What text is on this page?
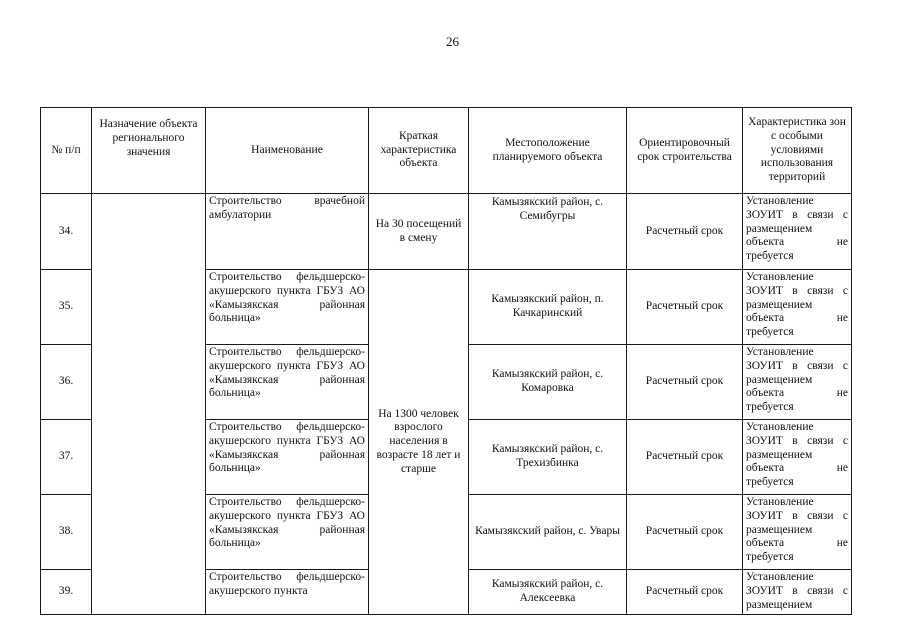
26
№ п/п	Назначение объекта регионального значения	Наименование	Краткая характеристика объекта	Местоположение планируемого объекта	Ориентировочный срок строительства	Характеристика зон с особыми условиями использования территорий
34.		Строительство врачебной амбулатории	На 30 посещений в смену	Камызякский район, с. Семибугры	Расчетный срок	Установление ЗОУИТ в связи с размещением объекта не требуется
35.		Строительство фельдшерско-акушерского пункта ГБУЗ АО «Камызякская районная больница»	На 1300 человек взрослого населения в возрасте 18 лет и старше	Камызякский район, п. Качкаринский	Расчетный срок	Установление ЗОУИТ в связи с размещением объекта не требуется
36.		Строительство фельдшерско-акушерского пункта ГБУЗ АО «Камызякская районная больница»		Камызякский район, с. Комаровка	Расчетный срок	Установление ЗОУИТ в связи с размещением объекта не требуется
37.		Строительство фельдшерско-акушерского пункта ГБУЗ АО «Камызякская районная больница»		Камызякский район, с. Трехизбинка	Расчетный срок	Установление ЗОУИТ в связи с размещением объекта не требуется
38.		Строительство фельдшерско-акушерского пункта ГБУЗ АО «Камызякская районная больница»		Камызякский район, с. Увары	Расчетный срок	Установление ЗОУИТ в связи с размещением объекта не требуется
39.		Строительство фельдшерско-акушерского пункта		Камызякский район, с. Алексеевка	Расчетный срок	Установление ЗОУИТ в связи с размещением
